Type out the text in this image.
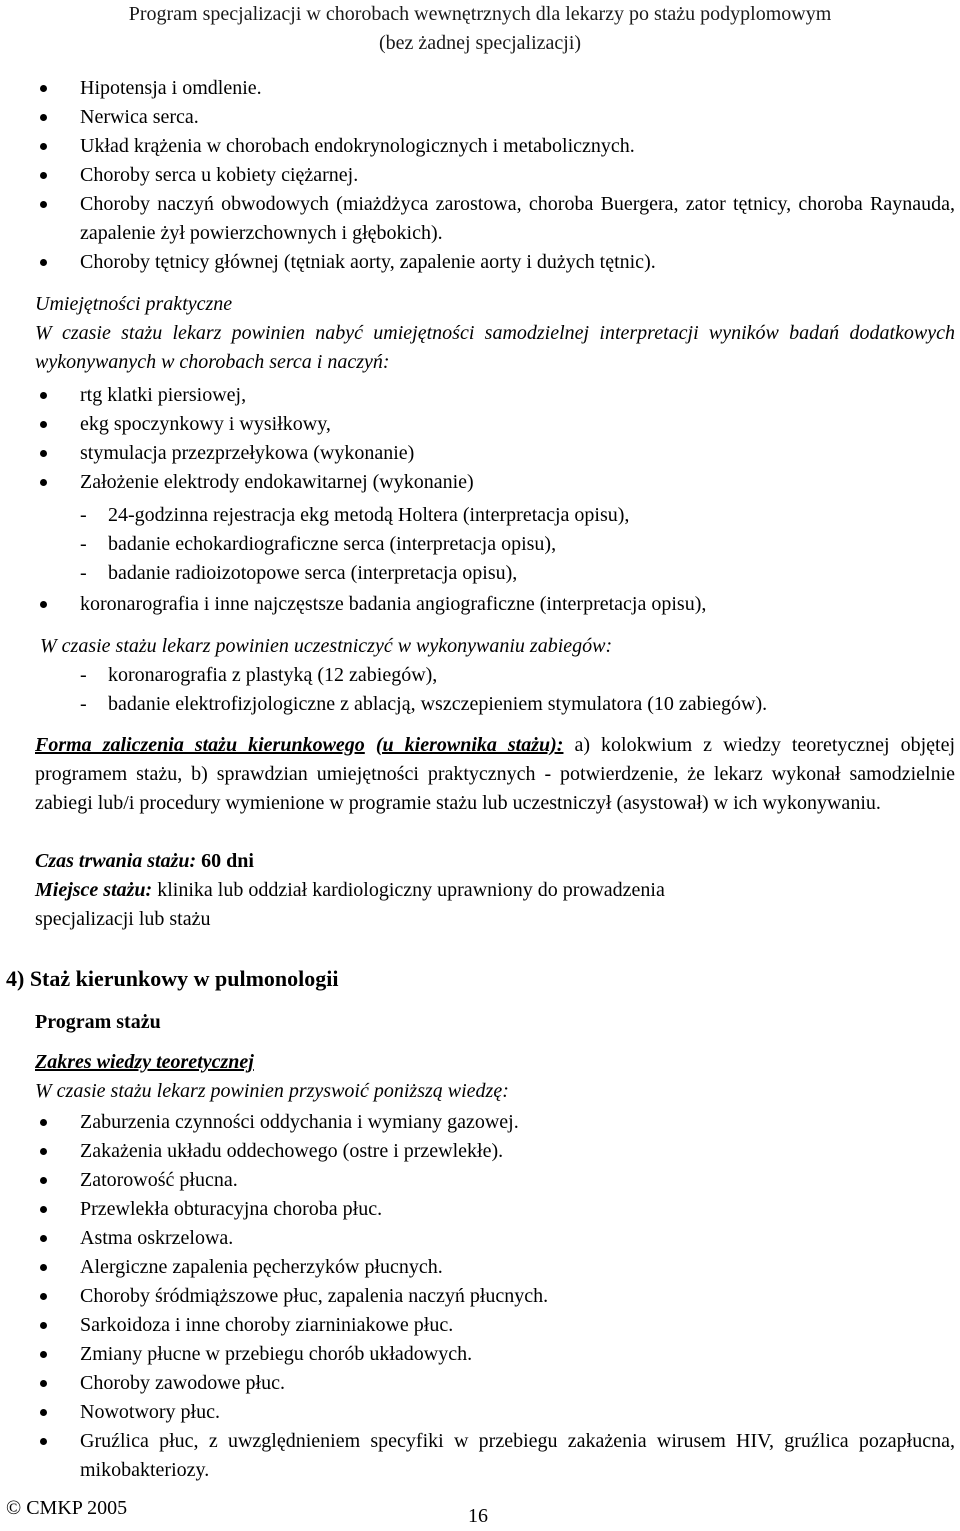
Program specjalizacji w chorobach wewnętrznych dla lekarzy po stażu podyplomowym
(bez żadnej specjalizacji)
Hipotensja i omdlenie.
Nerwica serca.
Układ krążenia w chorobach endokrynologicznych i metabolicznych.
Choroby serca u kobiety ciężarnej.
Choroby naczyń obwodowych (miażdżyca zarostowa, choroba Buergera, zator tętnicy, choroba Raynauda, zapalenie żył powierzchownych i głębokich).
Choroby tętnicy głównej (tętniak aorty, zapalenie aorty i dużych tętnic).
Umiejętności praktyczne
W czasie stażu lekarz powinien nabyć umiejętności samodzielnej interpretacji wyników badań dodatkowych wykonywanych w chorobach serca i naczyń:
rtg klatki piersiowej,
ekg spoczynkowy i wysiłkowy,
stymulacja przezprzełykowa (wykonanie)
Założenie elektrody endokawitarnej (wykonanie)
- 24-godzinna rejestracja ekg metodą Holtera (interpretacja opisu),
- badanie echokardiograficzne serca (interpretacja opisu),
- badanie radioizotopowe serca (interpretacja opisu),
koronarografia i inne najczęstsze badania angiograficzne (interpretacja opisu),
W czasie stażu lekarz powinien uczestniczyć w wykonywaniu zabiegów:
- koronarografia z plastyką (12 zabiegów),
- badanie elektrofizjologiczne z ablacją, wszczepieniem stymulatora (10 zabiegów).
Forma zaliczenia stażu kierunkowego (u kierownika stażu): a) kolokwium z wiedzy teoretycznej objętej programem stażu, b) sprawdzian umiejętności praktycznych - potwierdzenie, że lekarz wykonał samodzielnie zabiegi lub/i procedury wymienione w programie stażu lub uczestniczył (asystował) w ich wykonywaniu.
Czas trwania stażu: 60 dni
Miejsce stażu: klinika lub oddział kardiologiczny uprawniony do prowadzenia
specjalizacji lub stażu
4) Staż kierunkowy w pulmonologii
Program stażu
Zakres wiedzy teoretycznej
W czasie stażu lekarz powinien przyswoić poniższą wiedzę:
Zaburzenia czynności oddychania i wymiany gazowej.
Zakażenia układu oddechowego (ostre i przewlekłe).
Zatorowość płucna.
Przewlekła obturacyjna choroba płuc.
Astma oskrzelowa.
Alergiczne zapalenia pęcherzyków płucnych.
Choroby śródmiąższowe płuc, zapalenia naczyń płucnych.
Sarkoidoza i inne choroby ziarniniakowe płuc.
Zmiany płucne w przebiegu chorób układowych.
Choroby zawodowe płuc.
Nowotwory płuc.
Gruźlica płuc, z uwzględnieniem specyfiki w przebiegu zakażenia wirusem HIV, gruźlica pozapłucna, mikobakteriozy.
© CMKP 2005	16
